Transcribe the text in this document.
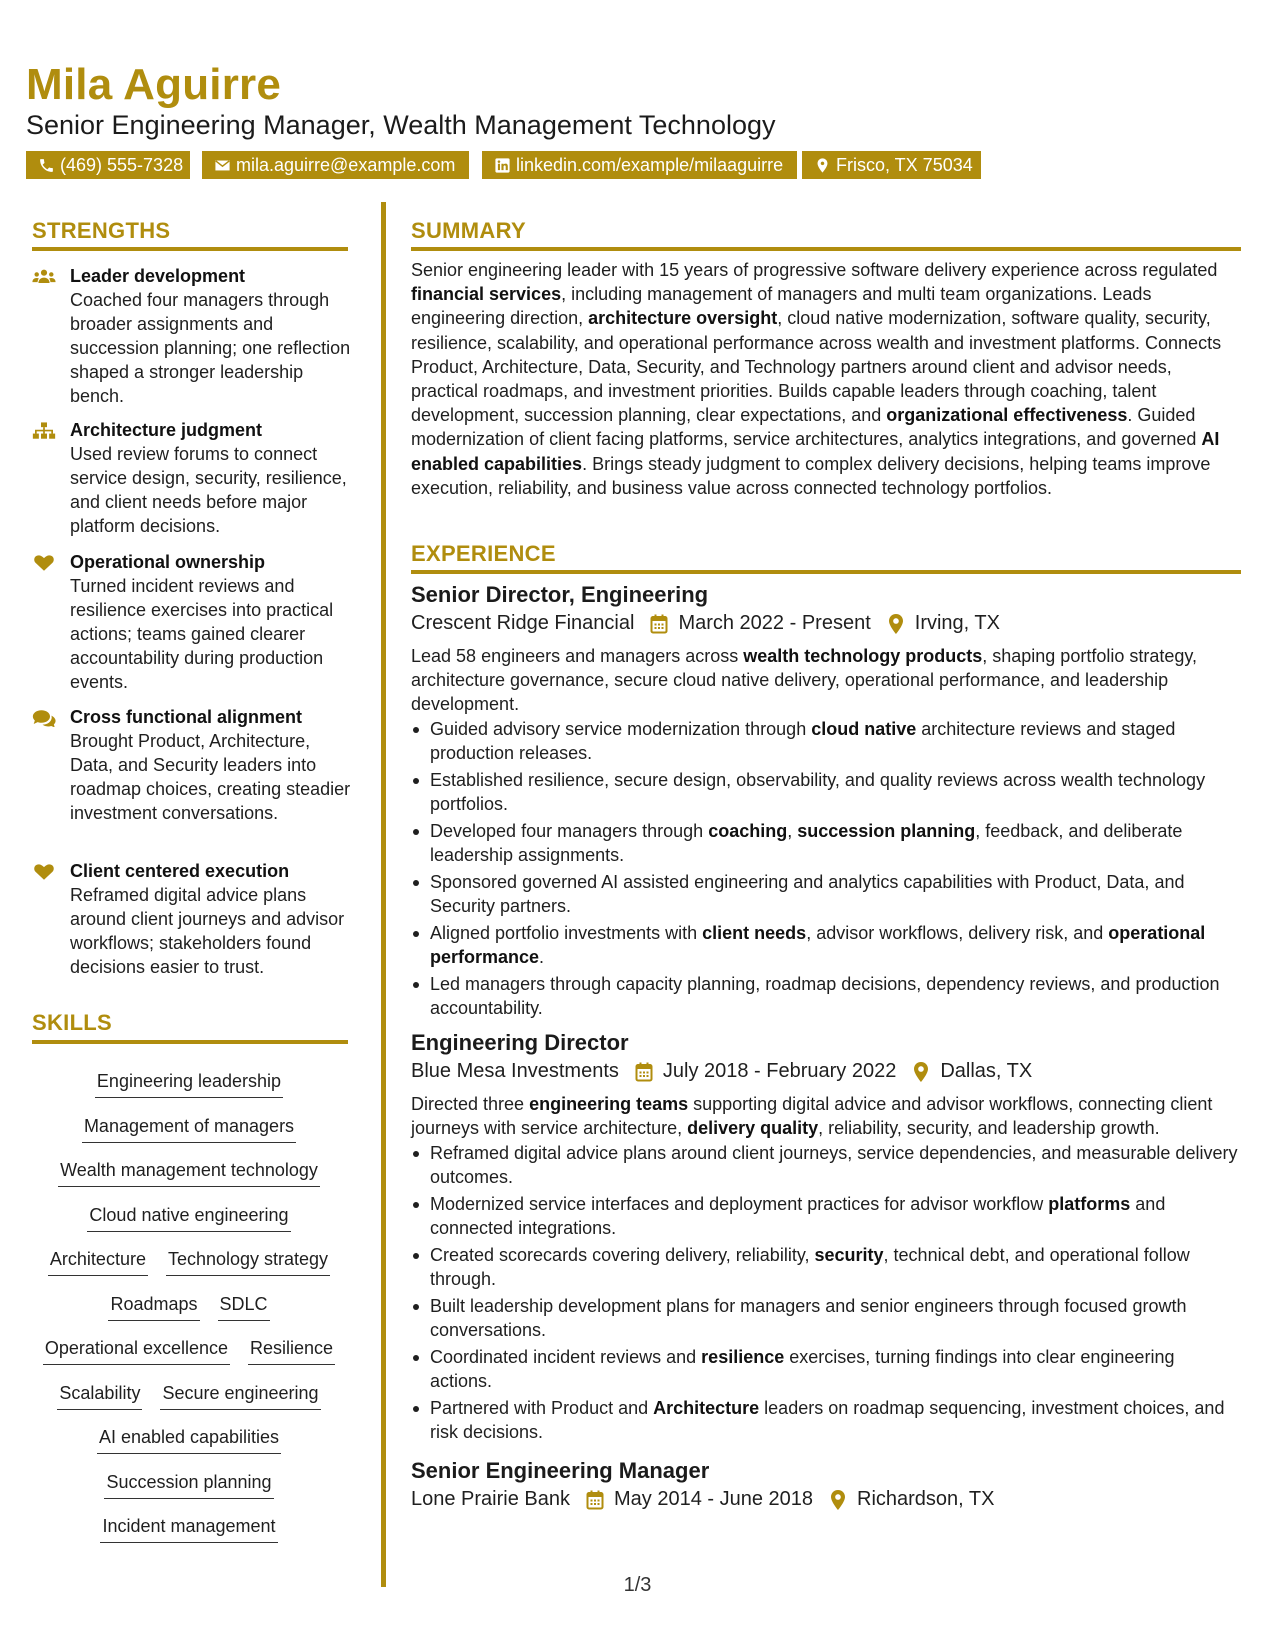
Mila Aguirre
Senior Engineering Manager, Wealth Management Technology
(469) 555-7328	mila.aguirre@example.com	linkedin.com/example/milaaguirre	Frisco, TX 75034
STRENGTHS
Leader development
Coached four managers through broader assignments and succession planning; one reflection shaped a stronger leadership bench.
Architecture judgment
Used review forums to connect service design, security, resilience, and client needs before major platform decisions.
Operational ownership
Turned incident reviews and resilience exercises into practical actions; teams gained clearer accountability during production events.
Cross functional alignment
Brought Product, Architecture, Data, and Security leaders into roadmap choices, creating steadier investment conversations.
Client centered execution
Reframed digital advice plans around client journeys and advisor workflows; stakeholders found decisions easier to trust.
SKILLS
Engineering leadership
Management of managers
Wealth management technology
Cloud native engineering
Architecture Technology strategy
Roadmaps SDLC
Operational excellence Resilience
Scalability Secure engineering
AI enabled capabilities
Succession planning
Incident management
SUMMARY

Senior engineering leader with 15 years of progressive software delivery experience across regulated financial services, including management of managers and multi team organizations. Leads engineering direction, architecture oversight, cloud native modernization, software quality, security, resilience, scalability, and operational performance across wealth and investment platforms. Connects Product, Architecture, Data, Security, and Technology partners around client and advisor needs, practical roadmaps, and investment priorities. Builds capable leaders through coaching, talent development, succession planning, clear expectations, and organizational effectiveness. Guided modernization of client facing platforms, service architectures, analytics integrations, and governed AI enabled capabilities. Brings steady judgment to complex delivery decisions, helping teams improve execution, reliability, and business value across connected technology portfolios.

EXPERIENCE
Senior Director, Engineering
Crescent Ridge Financial March 2022 - Present Irving, TX

Lead 58 engineers and managers across wealth technology products, shaping portfolio strategy, architecture governance, secure cloud native delivery, operational performance, and leadership development.

Guided advisory service modernization through cloud native architecture reviews and staged production releases.
Established resilience, secure design, observability, and quality reviews across wealth technology portfolios.
Developed four managers through coaching, succession planning, feedback, and deliberate leadership assignments.
Sponsored governed AI assisted engineering and analytics capabilities with Product, Data, and Security partners.
Aligned portfolio investments with client needs, advisor workflows, delivery risk, and operational performance.
Led managers through capacity planning, roadmap decisions, dependency reviews, and production accountability.
Engineering Director
Blue Mesa Investments July 2018 - February 2022 Dallas, TX

Directed three engineering teams supporting digital advice and advisor workflows, connecting client journeys with service architecture, delivery quality, reliability, security, and leadership growth.

Reframed digital advice plans around client journeys, service dependencies, and measurable delivery outcomes.
Modernized service interfaces and deployment practices for advisor workflow platforms and connected integrations.
Created scorecards covering delivery, reliability, security, technical debt, and operational follow through.
Built leadership development plans for managers and senior engineers through focused growth conversations.
Coordinated incident reviews and resilience exercises, turning findings into clear engineering actions.
Partnered with Product and Architecture leaders on roadmap sequencing, investment choices, and risk decisions.
Senior Engineering Manager
Lone Prairie Bank May 2014 - June 2018 Richardson, TX
1/3
